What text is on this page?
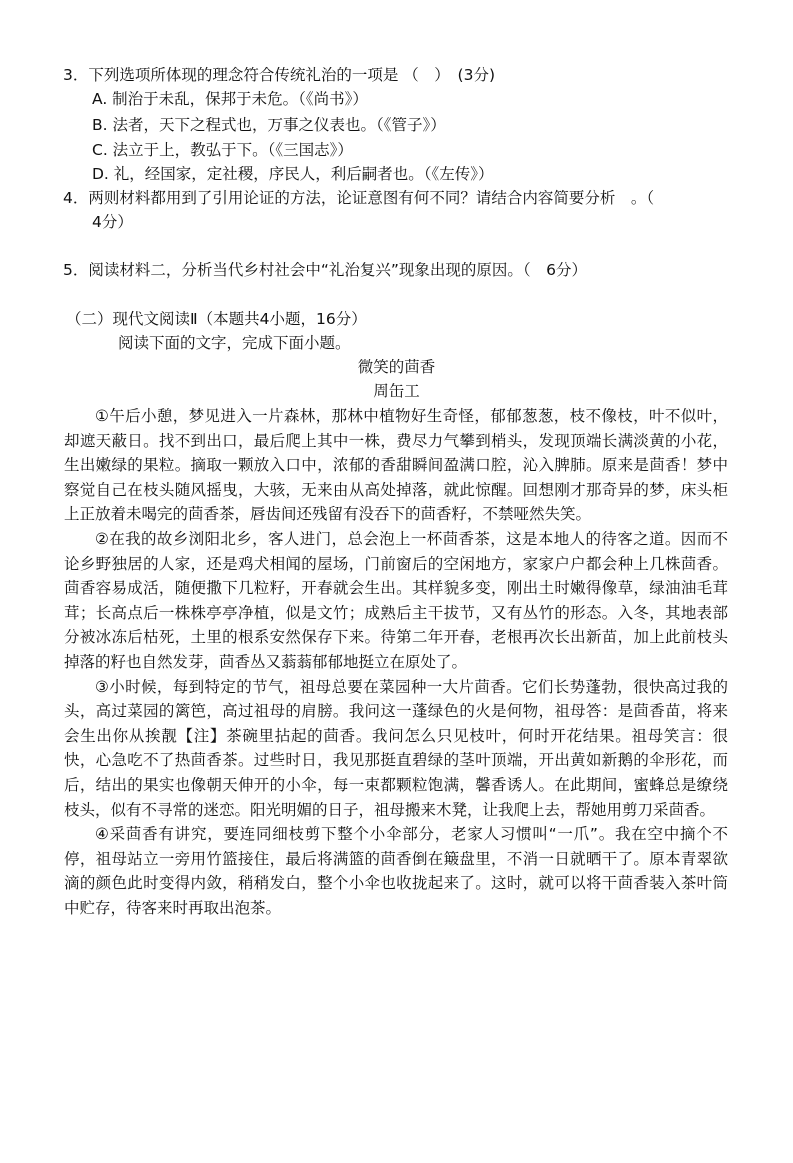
3．下列选项所体现的理念符合传统礼治的一项是 （　）　(3分)
A. 制治于未乱，保邦于未危。（《尚书》）
B. 法者，天下之程式也，万事之仪表也。（《管子》）
C. 法立于上，教弘于下。（《三国志》）
D. 礼，经国家，定社稷，序民人，利后嗣者也。（《左传》）
4．两则材料都用到了引用论证的方法，论证意图有何不同？请结合内容简要分析　。（
4分）
5．阅读材料二，分析当代乡村社会中“礼治复兴”现象出现的原因。（　6分）
（二）现代文阅读Ⅱ（本题共4小题，16分）
阅读下面的文字，完成下面小题。
微笑的茴香
周缶工

①午后小憩，梦见进入一片森林，那林中植物好生奇怪，郁郁葱葱，枝不像枝，叶不似叶，却遮天蔽日。找不到出口，最后爬上其中一株，费尽力气攀到梢头，发现顶端长满淡黄的小花，生出嫩绿的果粒。摘取一颗放入口中，浓郁的香甜瞬间盈满口腔，沁入脾肺。原来是茴香！梦中察觉自己在枝头随风摇曳，大骇，无来由从高处掉落，就此惊醒。回想刚才那奇异的梦，床头柜上正放着未喝完的茴香茶，唇齿间还残留有没吞下的茴香籽，不禁哑然失笑。

②在我的故乡浏阳北乡，客人进门，总会泡上一杯茴香茶，这是本地人的待客之道。因而不论乡野独居的人家，还是鸡犬相闻的屋场，门前窗后的空闲地方，家家户户都会种上几株茴香。茴香容易成活，随便撒下几粒籽，开春就会生出。其样貌多变，刚出土时嫩得像草，绿油油毛茸茸；长高点后一株株亭亭净植，似是文竹；成熟后主干拔节，又有丛竹的形态。入冬，其地表部分被冰冻后枯死，土里的根系安然保存下来。待第二年开春，老根再次长出新苗，加上此前枝头掉落的籽也自然发芽，茴香丛又蓊蓊郁郁地挺立在原处了。

③小时候，每到特定的节气，祖母总要在菜园种一大片茴香。它们长势蓬勃，很快高过我的头，高过菜园的篱笆，高过祖母的肩膀。我问这一蓬绿色的火是何物，祖母答：是茴香苗，将来会生出你从挨靓【注】茶碗里拈起的茴香。我问怎么只见枝叶，何时开花结果。祖母笑言：很快，心急吃不了热茴香茶。过些时日，我见那挺直碧绿的茎叶顶端，开出黄如新鹅的伞形花，而后，结出的果实也像朝天伸开的小伞，每一束都颗粒饱满，馨香诱人。在此期间，蜜蜂总是缭绕枝头，似有不寻常的迷恋。阳光明媚的日子，祖母搬来木凳，让我爬上去，帮她用剪刀采茴香。

④采茴香有讲究，要连同细枝剪下整个小伞部分，老家人习惯叫“一爪”。我在空中摘个不停，祖母站立一旁用竹篮接住，最后将满篮的茴香倒在簸盘里，不消一日就晒干了。原本青翠欲滴的颜色此时变得内敛，稍稍发白，整个小伞也收拢起来了。这时，就可以将干茴香装入茶叶筒中贮存，待客来时再取出泡茶。
